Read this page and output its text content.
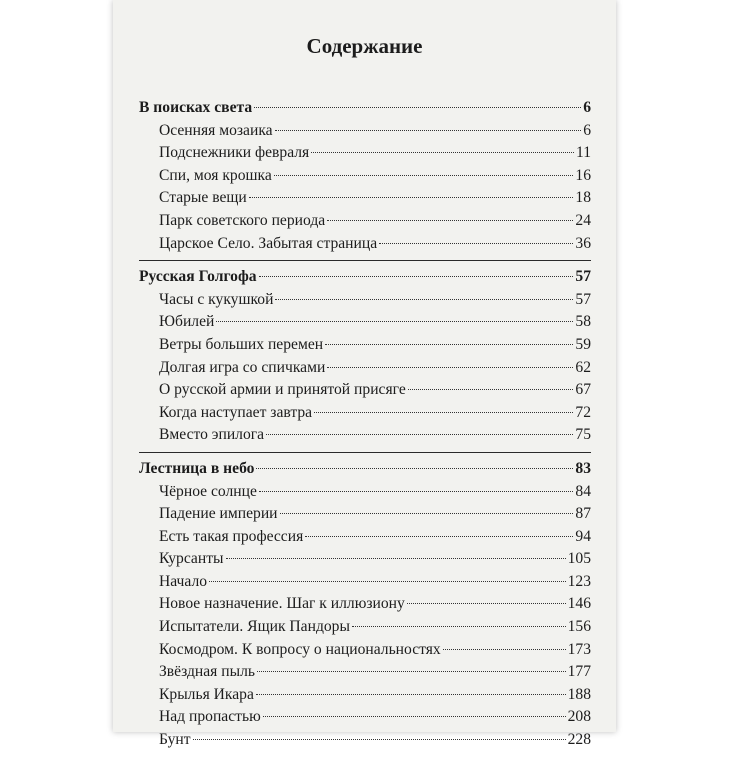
Содержание
В поисках света	6
Осенняя мозаика	6
Подснежники февраля	11
Спи, моя крошка	16
Старые вещи	18
Парк советского периода	24
Царское Село. Забытая страница	36
Русская Голгофа	57
Часы с кукушкой	57
Юбилей	58
Ветры больших перемен	59
Долгая игра со спичками	62
О русской армии и принятой присяге	67
Когда наступает завтра	72
Вместо эпилога	75
Лестница в небо	83
Чёрное солнце	84
Падение империи	87
Есть такая профессия	94
Курсанты	105
Начало	123
Новое назначение. Шаг к иллюзиону	146
Испытатели. Ящик Пандоры	156
Космодром. К вопросу о национальностях	173
Звёздная пыль	177
Крылья Икара	188
Над пропастью	208
Бунт	228
